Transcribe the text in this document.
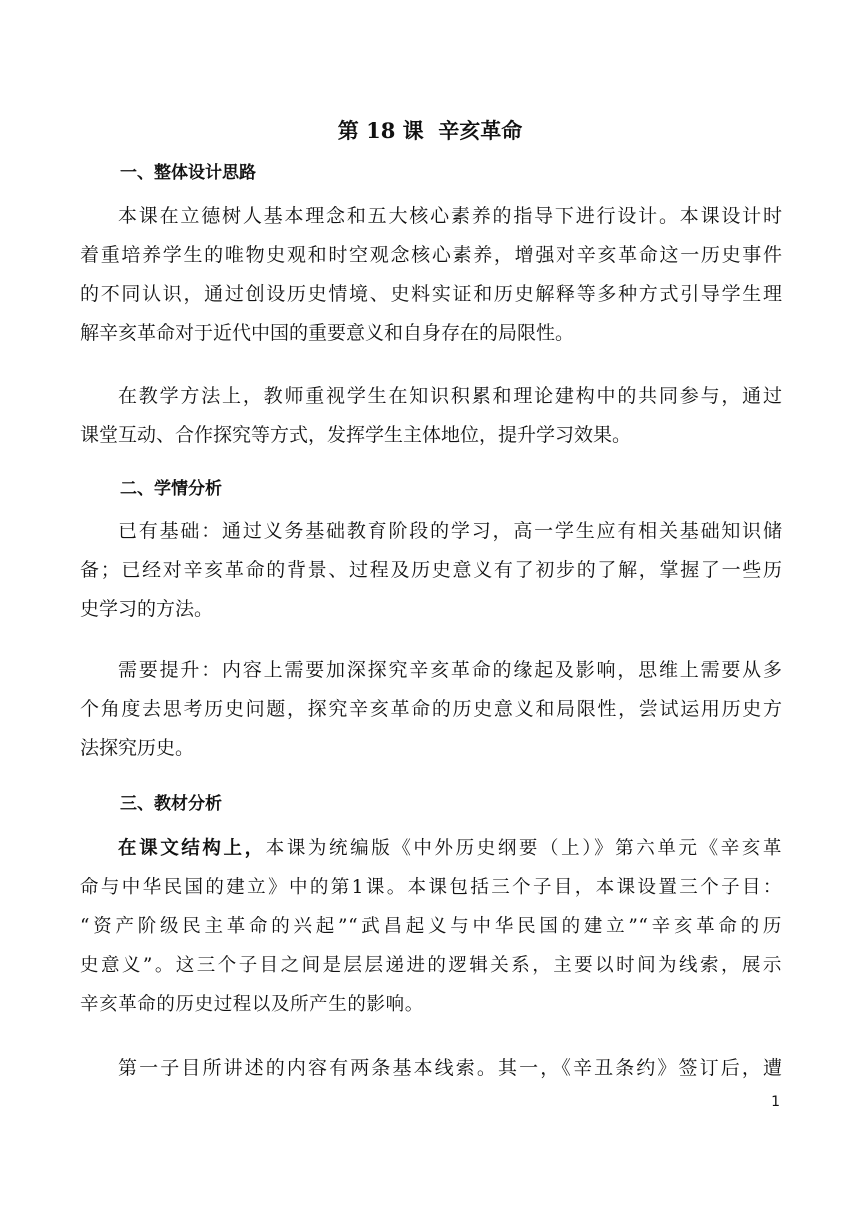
第 18 课  辛亥革命
一、整体设计思路
本课在立德树人基本理念和五大核心素养的指导下进行设计。本课设计时
着重培养学生的唯物史观和时空观念核心素养，增强对辛亥革命这一历史事件
的不同认识，通过创设历史情境、史料实证和历史解释等多种方式引导学生理
解辛亥革命对于近代中国的重要意义和自身存在的局限性。
在教学方法上，教师重视学生在知识积累和理论建构中的共同参与，通过
课堂互动、合作探究等方式，发挥学生主体地位，提升学习效果。
二、学情分析
已有基础：通过义务基础教育阶段的学习，高一学生应有相关基础知识储
备；已经对辛亥革命的背景、过程及历史意义有了初步的了解，掌握了一些历
史学习的方法。
需要提升：内容上需要加深探究辛亥革命的缘起及影响，思维上需要从多
个角度去思考历史问题，探究辛亥革命的历史意义和局限性，尝试运用历史方
法探究历史。
三、教材分析
在课文结构上，本课为统编版《中外历史纲要（上）》第六单元《辛亥革
命与中华民国的建立》中的第1课。本课包括三个子目，本课设置三个子目：
“资产阶级民主革命的兴起”“武昌起义与中华民国的建立”“辛亥革命的历
史意义”。这三个子目之间是层层递进的逻辑关系，主要以时间为线索，展示
辛亥革命的历史过程以及所产生的影响。
第一子目所讲述的内容有两条基本线索。其一，《辛丑条约》签订后，遭
1
